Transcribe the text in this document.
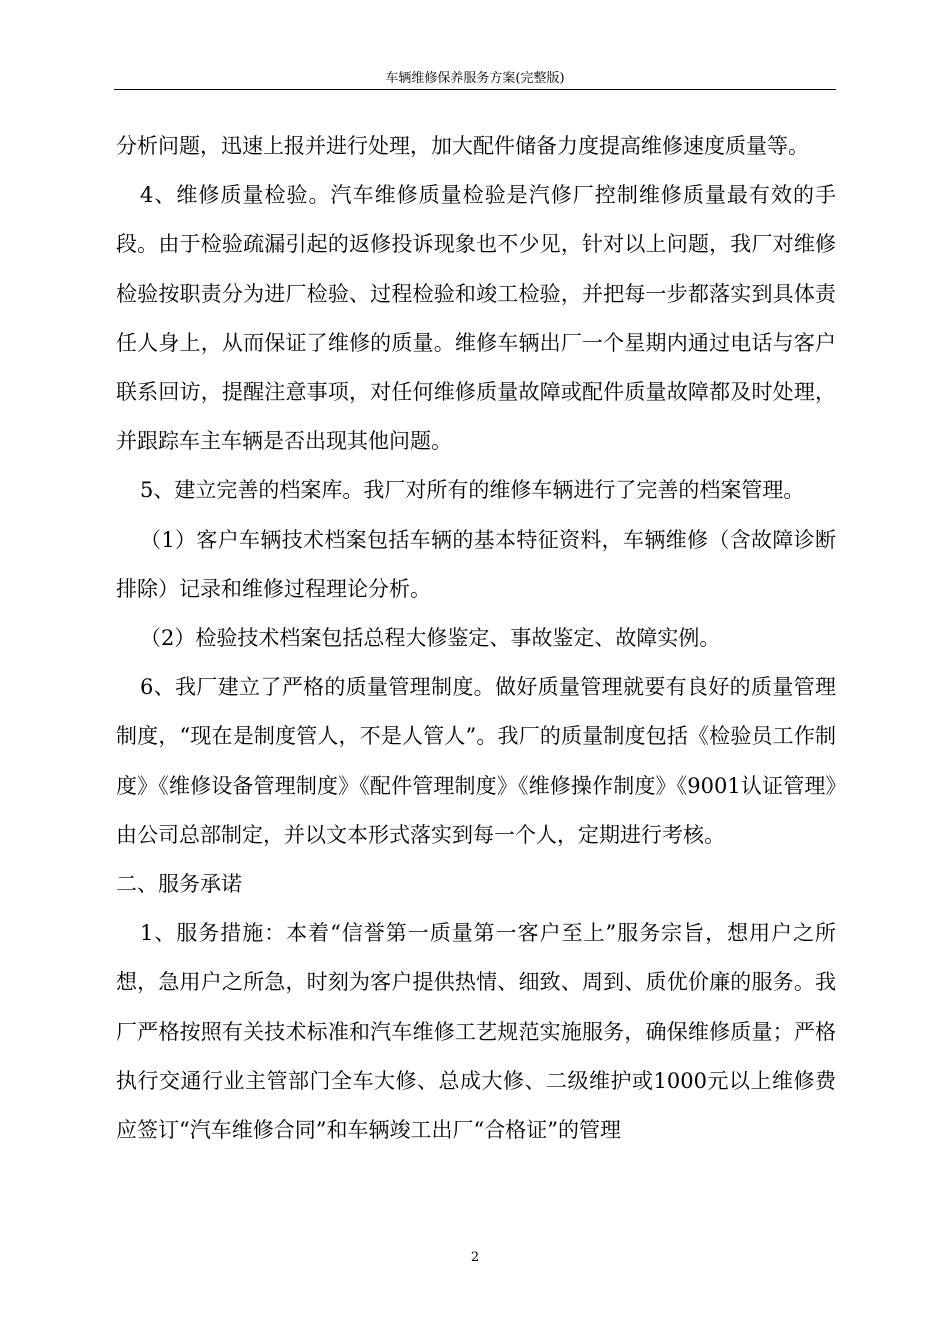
车辆维修保养服务方案(完整版)

分析问题，迅速上报并进行处理，加大配件储备力度提高维修速度质量等。

4、维修质量检验。汽车维修质量检验是汽修厂控制维修质量最有效的手段。由于检验疏漏引起的返修投诉现象也不少见，针对以上问题，我厂对维修检验按职责分为进厂检验、过程检验和竣工检验，并把每一步都落实到具体责任人身上，从而保证了维修的质量。维修车辆出厂一个星期内通过电话与客户联系回访，提醒注意事项，对任何维修质量故障或配件质量故障都及时处理，并跟踪车主车辆是否出现其他问题。

5、建立完善的档案库。我厂对所有的维修车辆进行了完善的档案管理。

（1）客户车辆技术档案包括车辆的基本特征资料，车辆维修（含故障诊断排除）记录和维修过程理论分析。

（2）检验技术档案包括总程大修鉴定、事故鉴定、故障实例。

6、我厂建立了严格的质量管理制度。做好质量管理就要有良好的质量管理制度，“现在是制度管人，不是人管人”。我厂的质量制度包括《检验员工作制度》《维修设备管理制度》《配件管理制度》《维修操作制度》《9001认证管理》由公司总部制定，并以文本形式落实到每一个人，定期进行考核。

二、服务承诺

1、服务措施：本着“信誉第一质量第一客户至上”服务宗旨，想用户之所想，急用户之所急，时刻为客户提供热情、细致、周到、质优价廉的服务。我厂严格按照有关技术标准和汽车维修工艺规范实施服务，确保维修质量；严格执行交通行业主管部门全车大修、总成大修、二级维护或1000元以上维修费 应签订“汽车维修合同”和车辆竣工出厂“合格证”的管理

2
